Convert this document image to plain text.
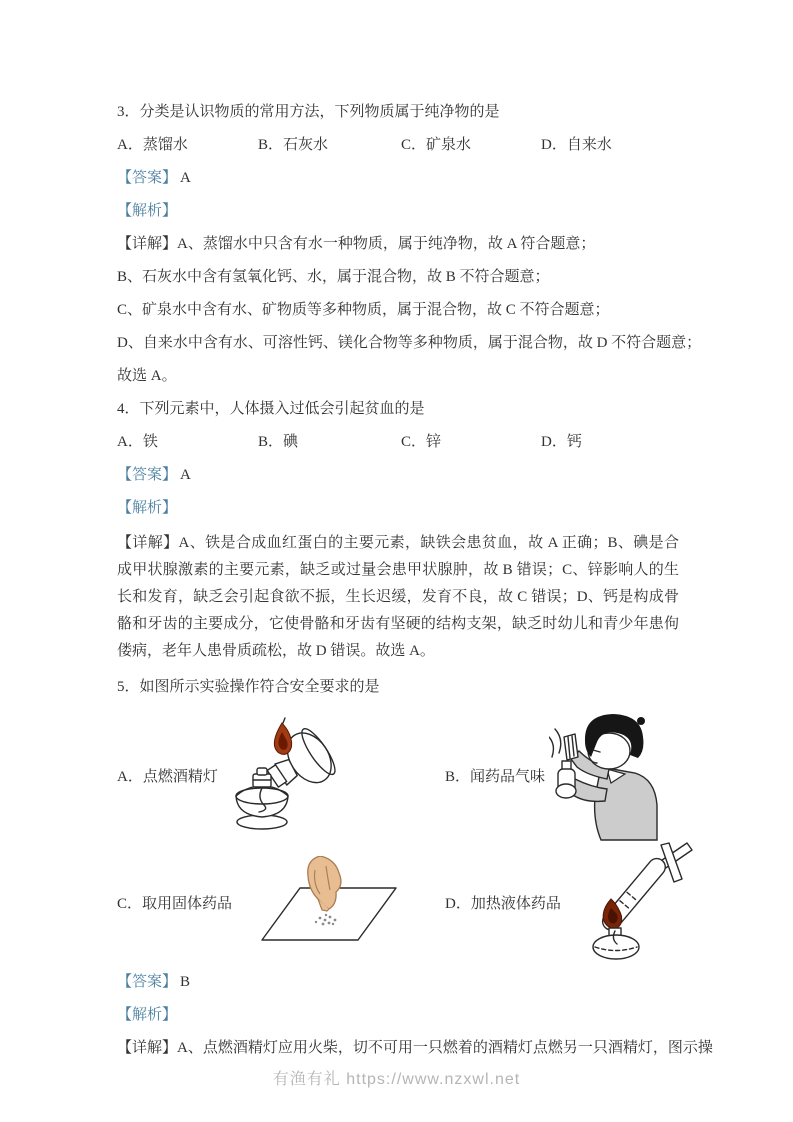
3．分类是认识物质的常用方法，下列物质属于纯净物的是

A．蒸馏水	B．石灰水	C．矿泉水	D．自来水

【答案】 A

【解析】

【详解】A、蒸馏水中只含有水一种物质，属于纯净物，故 A 符合题意；

B、石灰水中含有氢氧化钙、水，属于混合物，故 B 不符合题意；

C、矿泉水中含有水、矿物质等多种物质，属于混合物，故 C 不符合题意；

D、自来水中含有水、可溶性钙、镁化合物等多种物质，属于混合物，故 D 不符合题意；

故选 A。

4．下列元素中，人体摄入过低会引起贫血的是

A．铁	B．碘	C．锌	D．钙

【答案】 A

【解析】

【详解】A、铁是合成血红蛋白的主要元素，缺铁会患贫血，故 A 正确；B、碘是合成甲状腺激素的主要元素，缺乏或过量会患甲状腺肿，故 B 错误；C、锌影响人的生长和发育，缺乏会引起食欲不振，生长迟缓，发育不良，故 C 错误；D、钙是构成骨骼和牙齿的主要成分，它使骨骼和牙齿有坚硬的结构支架，缺乏时幼儿和青少年患佝偻病，老年人患骨质疏松，故 D 错误。故选 A。

5．如图所示实验操作符合安全要求的是

A．点燃酒精灯	B．闻药品气味
C．取用固体药品	D．加热液体药品

【答案】 B

【解析】

【详解】A、点燃酒精灯应用火柴，切不可用一只燃着的酒精灯点燃另一只酒精灯，图示操

有渔有礼 https://www.nzxwl.net
